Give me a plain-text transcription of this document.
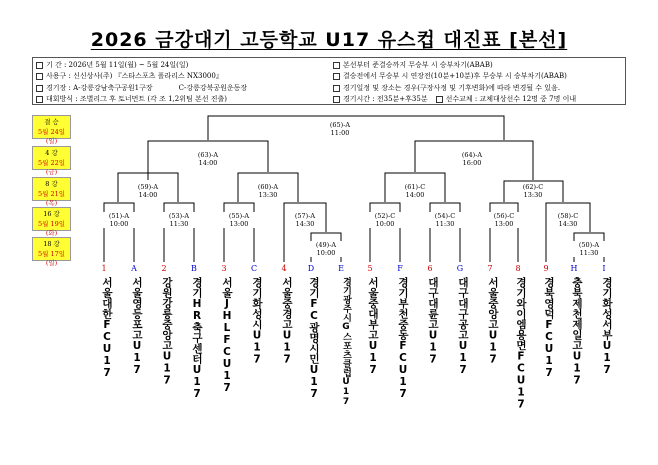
2026 금강대기 고등학교 U17 유스컵 대진표 [본선]
기 간 : 2026년 5월 11일(월) ~ 5월 24일(일)
사용구 : 신신상사(주) 『스타스포츠 폴라리스 NX3000』
경기장 : A-강릉강남축구공원1구장	C-강릉강북공원운동장
대회방식 : 조별리그 후 토너먼트 (각 조 1,2위팀 본선 진출)
본선부터 준결승까지 무승부 시 승부차기(ABAB)
결승전에서 무승부 시 연장전(10분+10분)후 무승부 시 승부차기(ABAB)
경기일정 및 장소는 경우(구장사정 및 기후변화)에 따라 변경될 수 있음.
경기시간 : 전35분+후35분	선수교체 : 교체대상선수 12명 중 7명 이내
결 승
5월 24일(일)
4 강
5월 22일(금)
8 강
5월 21일(목)
16 강
5월 19일(화)
18 강
5월 17일(일)
(65)-A
11:00
(63)-A
14:00
(64)-A
16:00
(59)-A
14:00
(60)-A
13:30
(61)-C
14:00
(62)-C
13:30
(51)-A
10:00
(53)-A
11:30
(55)-A
13:00
(57)-A
14:30
(52)-C
10:00
(54)-C
11:30
(56)-C
13:00
(58)-C
14:30
(49)-A
10:00
(50)-A
11:30
1	A	2	B	3	C	4	D	E	5	F	6	G	7	8	9	H	I
서울대한FCU17	서울영등포고U17	강원강릉중앙고U17	경기HR축구센터U17	서울JHLFCU17	경기화성시U17	서울중경고U17	경기FC광명시민U17	경기광주시G스포츠클럽U17	서울중대부고U17	경기부천중동FCU17	대구대륜고U17	대구대구공고U17	서울중앙고U17	경기와이엠용면FCU17	경북영덕FCU17	충북제천제일고U17	경기화성서부U17
